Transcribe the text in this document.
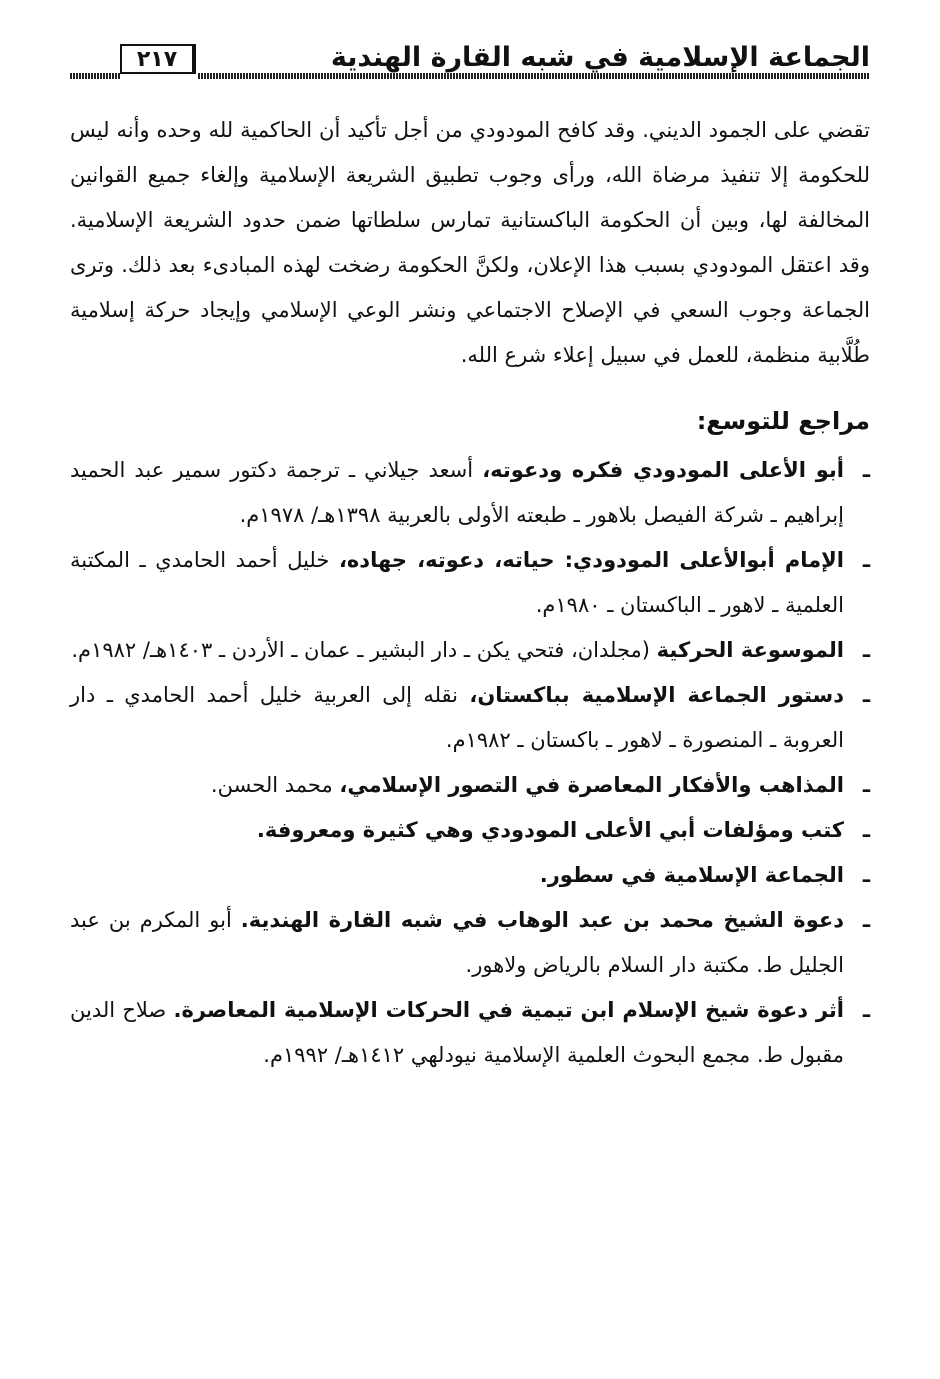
الجماعة الإسلامية في شبه القارة الهندية
٢١٧

تقضي على الجمود الديني. وقد كافح المودودي من أجل تأكيد أن الحاكمية لله وحده وأنه ليس للحكومة إلا تنفيذ مرضاة الله، ورأى وجوب تطبيق الشريعة الإسلامية وإلغاء جميع القوانين المخالفة لها، وبين أن الحكومة الباكستانية تمارس سلطاتها ضمن حدود الشريعة الإسلامية. وقد اعتقل المودودي بسبب هذا الإعلان، ولكنَّ الحكومة رضخت لهذه المبادىء بعد ذلك. وترى الجماعة وجوب السعي في الإصلاح الاجتماعي ونشر الوعي الإسلامي وإيجاد حركة إسلامية طُلَّابية منظمة، للعمل في سبيل إعلاء شرع الله.

مراجع للتوسع:
ـ
أبو الأعلى المودودي فكره ودعوته، أسعد جيلاني ـ ترجمة دكتور سمير عبد الحميد إبراهيم ـ شركة الفيصل بلاهور ـ طبعته الأولى بالعربية ١٣٩٨هـ/ ١٩٧٨م.
ـ
الإمام أبوالأعلى المودودي: حياته، دعوته، جهاده، خليل أحمد الحامدي ـ المكتبة العلمية ـ لاهور ـ الباكستان ـ ١٩٨٠م.
ـ
الموسوعة الحركية (مجلدان، فتحي يكن ـ دار البشير ـ عمان ـ الأردن ـ ١٤٠٣هـ/ ١٩٨٢م.
ـ
دستور الجماعة الإسلامية بباكستان، نقله إلى العربية خليل أحمد الحامدي ـ دار العروبة ـ المنصورة ـ لاهور ـ باكستان ـ ١٩٨٢م.
ـ
المذاهب والأفكار المعاصرة في التصور الإسلامي، محمد الحسن.
ـ
كتب ومؤلفات أبي الأعلى المودودي وهي كثيرة ومعروفة.
ـ
الجماعة الإسلامية في سطور.
ـ
دعوة الشيخ محمد بن عبد الوهاب في شبه القارة الهندية. أبو المكرم بن عبد الجليل ط. مكتبة دار السلام بالرياض ولاهور.
ـ
أثر دعوة شيخ الإسلام ابن تيمية في الحركات الإسلامية المعاصرة. صلاح الدين مقبول ط. مجمع البحوث العلمية الإسلامية نيودلهي ١٤١٢هـ/ ١٩٩٢م.
